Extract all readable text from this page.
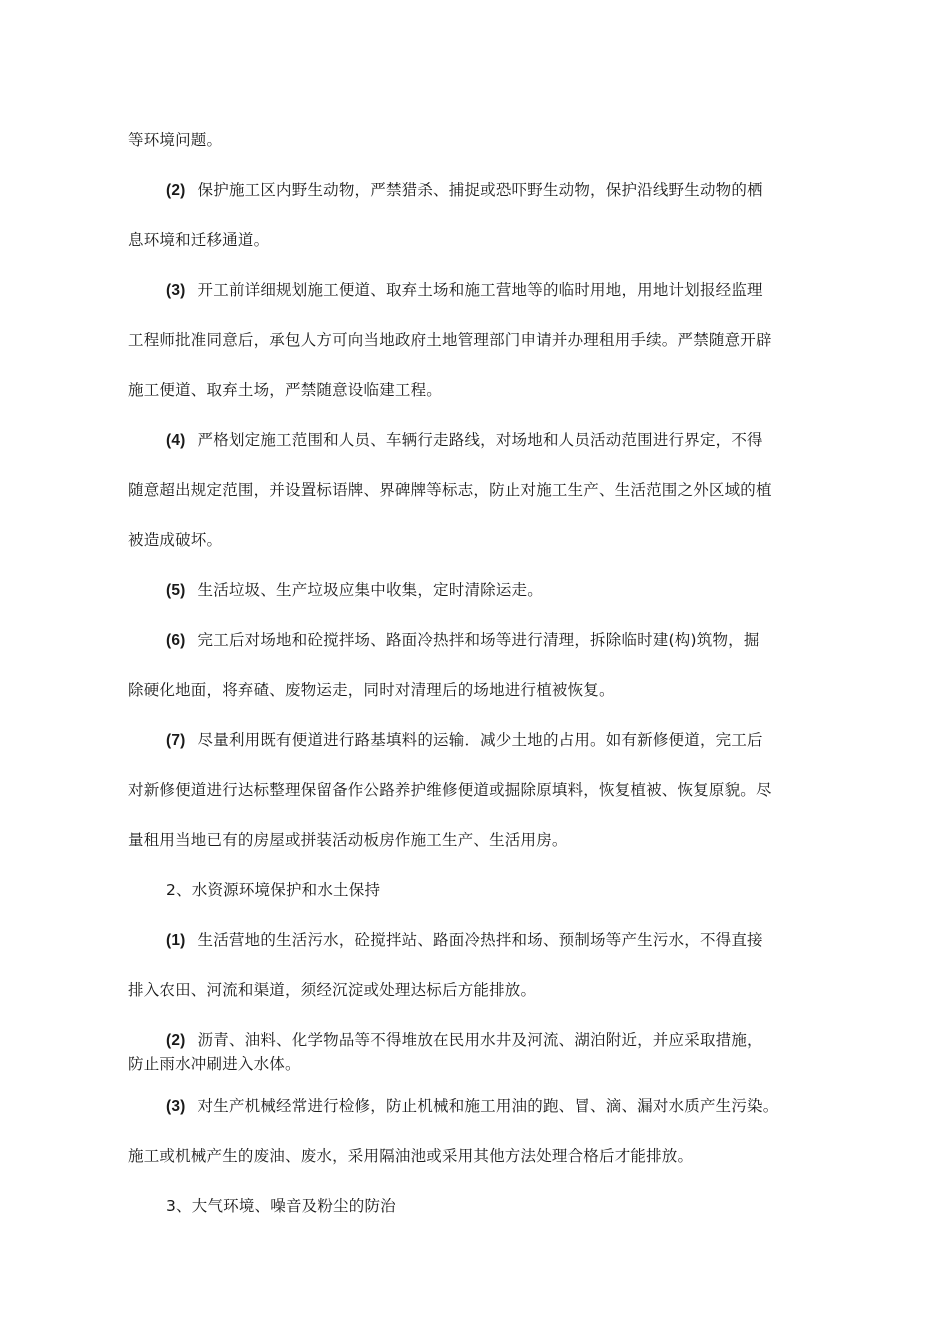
等环境问题。
(2) 保护施工区内野生动物，严禁猎杀、捕捉或恐吓野生动物，保护沿线野生动物的栖
息环境和迁移通道。
(3) 开工前详细规划施工便道、取弃土场和施工营地等的临时用地，用地计划报经监理
工程师批准同意后，承包人方可向当地政府土地管理部门申请并办理租用手续。严禁随意开辟
施工便道、取弃土场，严禁随意设临建工程。
(4) 严格划定施工范围和人员、车辆行走路线，对场地和人员活动范围进行界定，不得
随意超出规定范围，并设置标语牌、界碑牌等标志，防止对施工生产、生活范围之外区域的植
被造成破坏。
(5) 生活垃圾、生产垃圾应集中收集，定时清除运走。
(6) 完工后对场地和砼搅拌场、路面冷热拌和场等进行清理，拆除临时建(构)筑物，掘
除硬化地面，将弃碴、废物运走，同时对清理后的场地进行植被恢复。
(7) 尽量利用既有便道进行路基填料的运输．减少土地的占用。如有新修便道，完工后
对新修便道进行达标整理保留备作公路养护维修便道或掘除原填料，恢复植被、恢复原貌。尽
量租用当地已有的房屋或拼装活动板房作施工生产、生活用房。
2、水资源环境保护和水土保持
(1) 生活营地的生活污水，砼搅拌站、路面冷热拌和场、预制场等产生污水，不得直接
排入农田、河流和渠道，须经沉淀或处理达标后方能排放。
(2) 沥青、油料、化学物品等不得堆放在民用水井及河流、湖泊附近，并应采取措施，
防止雨水冲刷进入水体。
(3) 对生产机械经常进行检修，防止机械和施工用油的跑、冒、滴、漏对水质产生污染。
施工或机械产生的废油、废水，采用隔油池或采用其他方法处理合格后才能排放。
3、大气环境、噪音及粉尘的防治
